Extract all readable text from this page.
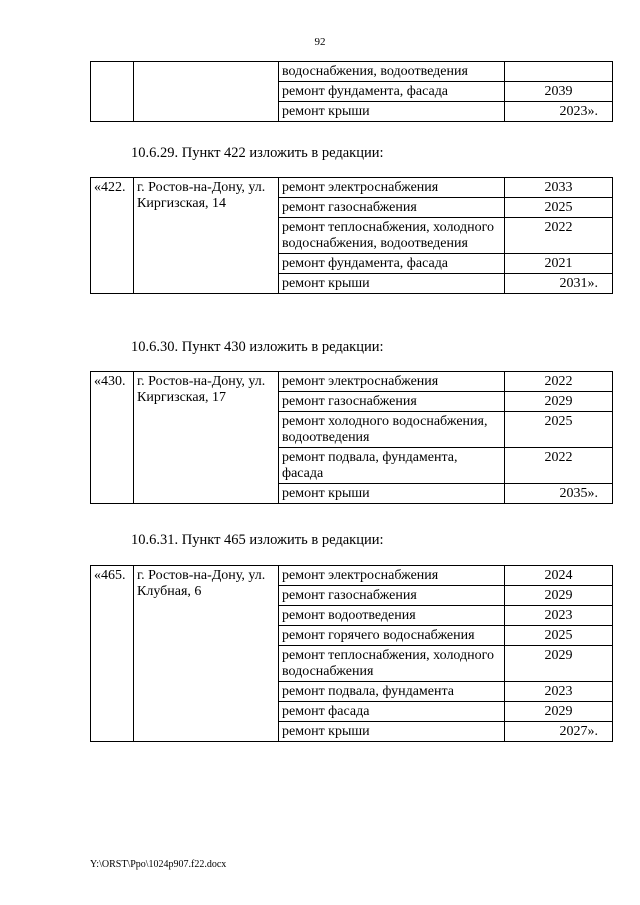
92
		водоснабжения, водоотведения	
		ремонт фундамента, фасада	2039
		ремонт крыши	2023».
10.6.29. Пункт 422 изложить в редакции:
«422.	г. Ростов-на-Дону, ул. Киргизская, 14	ремонт электроснабжения	2033
		ремонт газоснабжения	2025
		ремонт теплоснабжения, холодного водоснабжения, водоотведения	2022
		ремонт фундамента, фасада	2021
		ремонт крыши	2031».
10.6.30. Пункт 430 изложить в редакции:
«430.	г. Ростов-на-Дону, ул. Киргизская, 17	ремонт электроснабжения	2022
		ремонт газоснабжения	2029
		ремонт холодного водоснабжения, водоотведения	2025
		ремонт подвала, фундамента, фасада	2022
		ремонт крыши	2035».
10.6.31. Пункт 465 изложить в редакции:
«465.	г. Ростов-на-Дону, ул. Клубная, 6	ремонт электроснабжения	2024
		ремонт газоснабжения	2029
		ремонт водоотведения	2023
		ремонт горячего водоснабжения	2025
		ремонт теплоснабжения, холодного водоснабжения	2029
		ремонт подвала, фундамента	2023
		ремонт фасада	2029
		ремонт крыши	2027».
Y:\ORST\Ppo\1024p907.f22.docx
